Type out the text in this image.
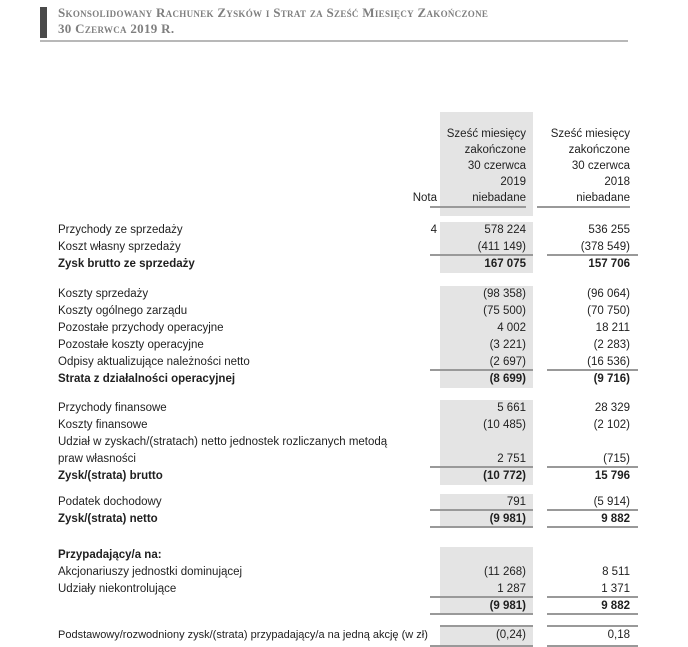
Skonsolidowany Rachunek Zysków i Strat za Sześć Miesięcy Zakończone
30 Czerwca 2019 R.
Nota
Sześć miesięcy
zakończone
30 czerwca 2019
niebadane
Sześć miesięcy
zakończone
30 czerwca 2018
niebadane
Przychody ze sprzedaży	4	578 224	536 255
Koszt własny sprzedaży	(411 149)	(378 549)
Zysk brutto ze sprzedaży	167 075	157 706
Koszty sprzedaży	(98 358)	(96 064)
Koszty ogólnego zarządu	(75 500)	(70 750)
Pozostałe przychody operacyjne	4 002	18 211
Pozostałe koszty operacyjne	(3 221)	(2 283)
Odpisy aktualizujące należności netto	(2 697)	(16 536)
Strata z działalności operacyjnej	(8 699)	(9 716)
Przychody finansowe	5 661	28 329
Koszty finansowe	(10 485)	(2 102)
Udział w zyskach/(stratach) netto jednostek rozliczanych metodą
praw własności	2 751	(715)
Zysk/(strata) brutto	(10 772)	15 796
Podatek dochodowy	791	(5 914)
Zysk/(strata) netto	(9 981)	9 882
Przypadający/a na:
Akcjonariuszy jednostki dominującej	(11 268)	8 511
Udziały niekontrolujące	1 287	1 371
(9 981)	9 882
Podstawowy/rozwodniony zysk/(strata) przypadający/a na jedną akcję (w zł)	(0,24)	0,18
